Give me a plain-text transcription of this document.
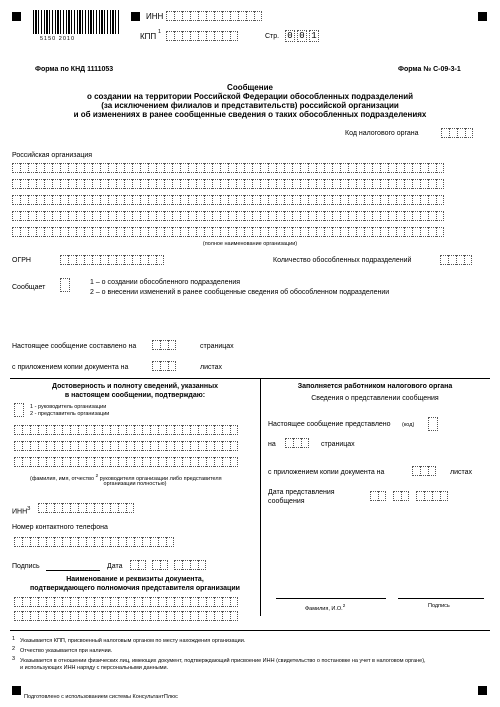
5150 2010
ИНН
КПП 1
Стр. 0 0 1
Форма по КНД 1111053	Форма № С-09-3-1
Сообщение
о создании на территории Российской Федерации обособленных подразделений
(за исключением филиалов и представительств) российской организации
и об изменениях в ранее сообщенные сведения о таких обособленных подразделениях
Код налогового органа
Российская организация
(полное наименование организации)
ОГРН	Количество обособленных подразделений
Сообщает
1 – о создании обособленного подразделения
2 – о внесении изменений в ранее сообщенные сведения об обособленном подразделении
Настоящее сообщение составлено на	страницах
с приложением копии документа на	листах
Достоверность и полноту сведений, указанных
в настоящем сообщении, подтверждаю:
1 - руководитель организации
2 - представитель организации
(фамилия, имя, отчество $^2$ руководителя организации либо представителя
организации полностью)
ИНН$^3$
Номер контактного телефона
Подпись	Дата
Наименование и реквизиты документа,
подтверждающего полномочия представителя организации
Заполняется работником налогового органа
Сведения о представлении сообщения
Настоящее сообщение представлено (код)
на	страницах
с приложением копии документа на	листах
Дата представления
сообщения
Фамилия, И.О.$^2$	Подпись
1 Указывается КПП, присвоенный налоговым органом по месту нахождения организации.
2 Отчество указывается при наличии.
3 Указывается в отношении физических лиц, имеющих документ, подтверждающий присвоение ИНН (свидетельство о постановке на учет в налоговом органе),
и использующих ИНН наряду с персональными данными.
Подготовлено с использованием системы КонсультантПлюс
